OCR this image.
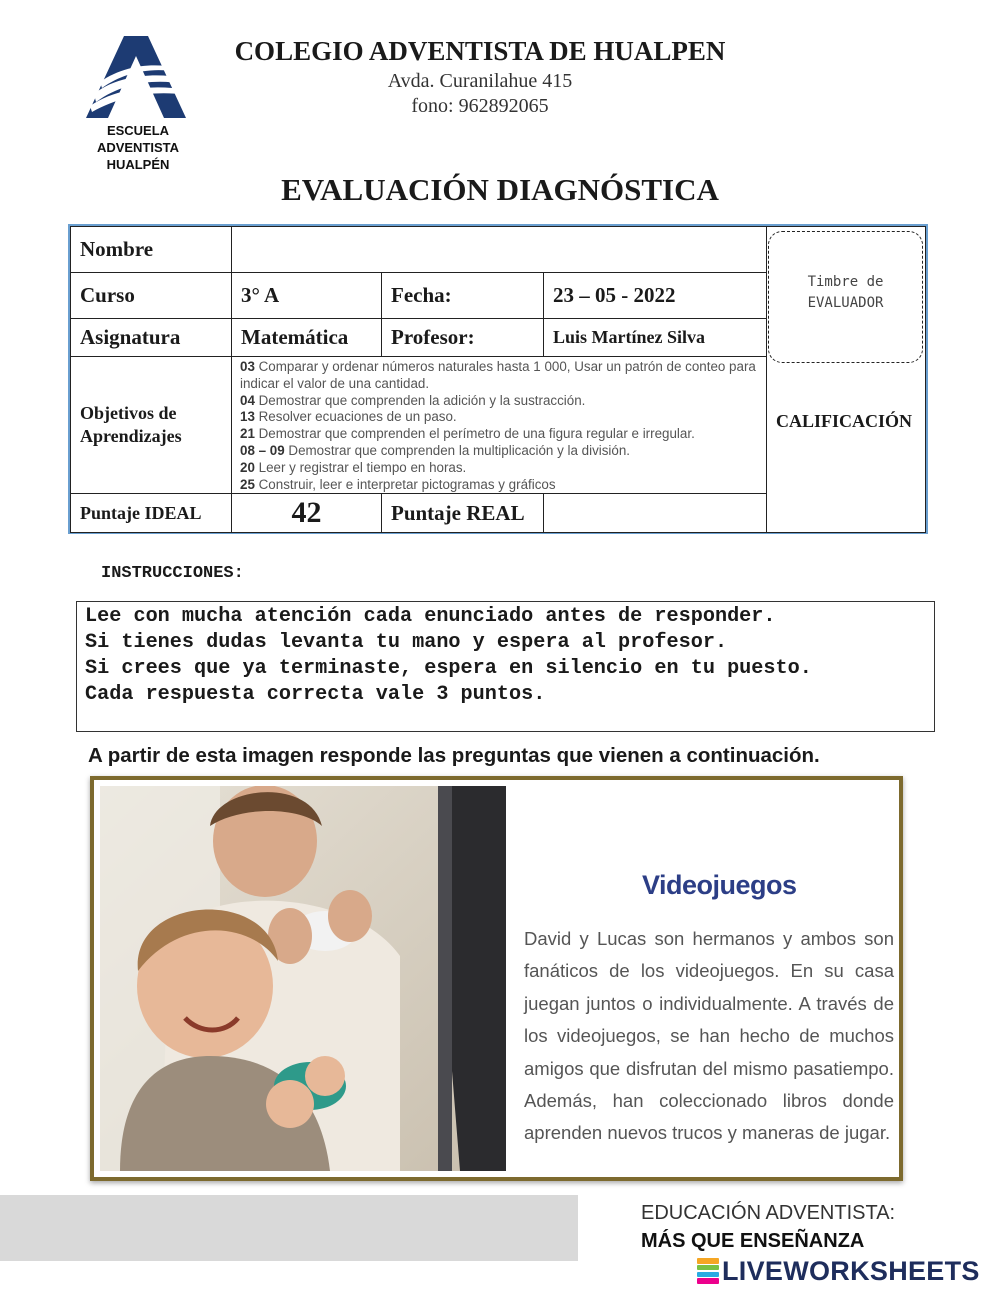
ESCUELA
ADVENTISTA
HUALPÉN
COLEGIO ADVENTISTA DE HUALPEN
Avda. Curanilahue 415
fono: 962892065
EVALUACIÓN DIAGNÓSTICA
Nombre
Curso	3° A	Fecha:	23 – 05 - 2022
Asignatura	Matemática	Profesor:	Luis Martínez Silva
Objetivos de Aprendizajes
03 Comparar y ordenar números naturales hasta 1 000, Usar un patrón de conteo para indicar el valor de una cantidad.
04 Demostrar que comprenden la adición y la sustracción.
13 Resolver ecuaciones de un paso.
21 Demostrar que comprenden el perímetro de una figura regular e irregular.
08 – 09 Demostrar que comprenden la multiplicación y la división.
20 Leer y registrar el tiempo en horas.
25 Construir, leer e interpretar pictogramas y gráficos
Puntaje IDEAL	42	Puntaje REAL
Timbre de
EVALUADOR
CALIFICACIÓN
INSTRUCCIONES:
Lee con mucha atención cada enunciado antes de responder.
Si tienes dudas levanta tu mano y espera al profesor.
Si crees que ya terminaste, espera en silencio en tu puesto.
Cada respuesta correcta vale 3 puntos.
A partir de esta imagen responde las preguntas que vienen a continuación.
Videojuegos
David y Lucas son hermanos y ambos son fanáticos de los videojuegos. En su casa juegan juntos o individualmente. A través de los videojuegos, se han hecho de muchos amigos que disfrutan del mismo pasatiempo. Además, han coleccionado libros donde aprenden nuevos trucos y maneras de jugar.
EDUCACIÓN ADVENTISTA:
MÁS QUE ENSEÑANZA
LIVEWORKSHEETS
